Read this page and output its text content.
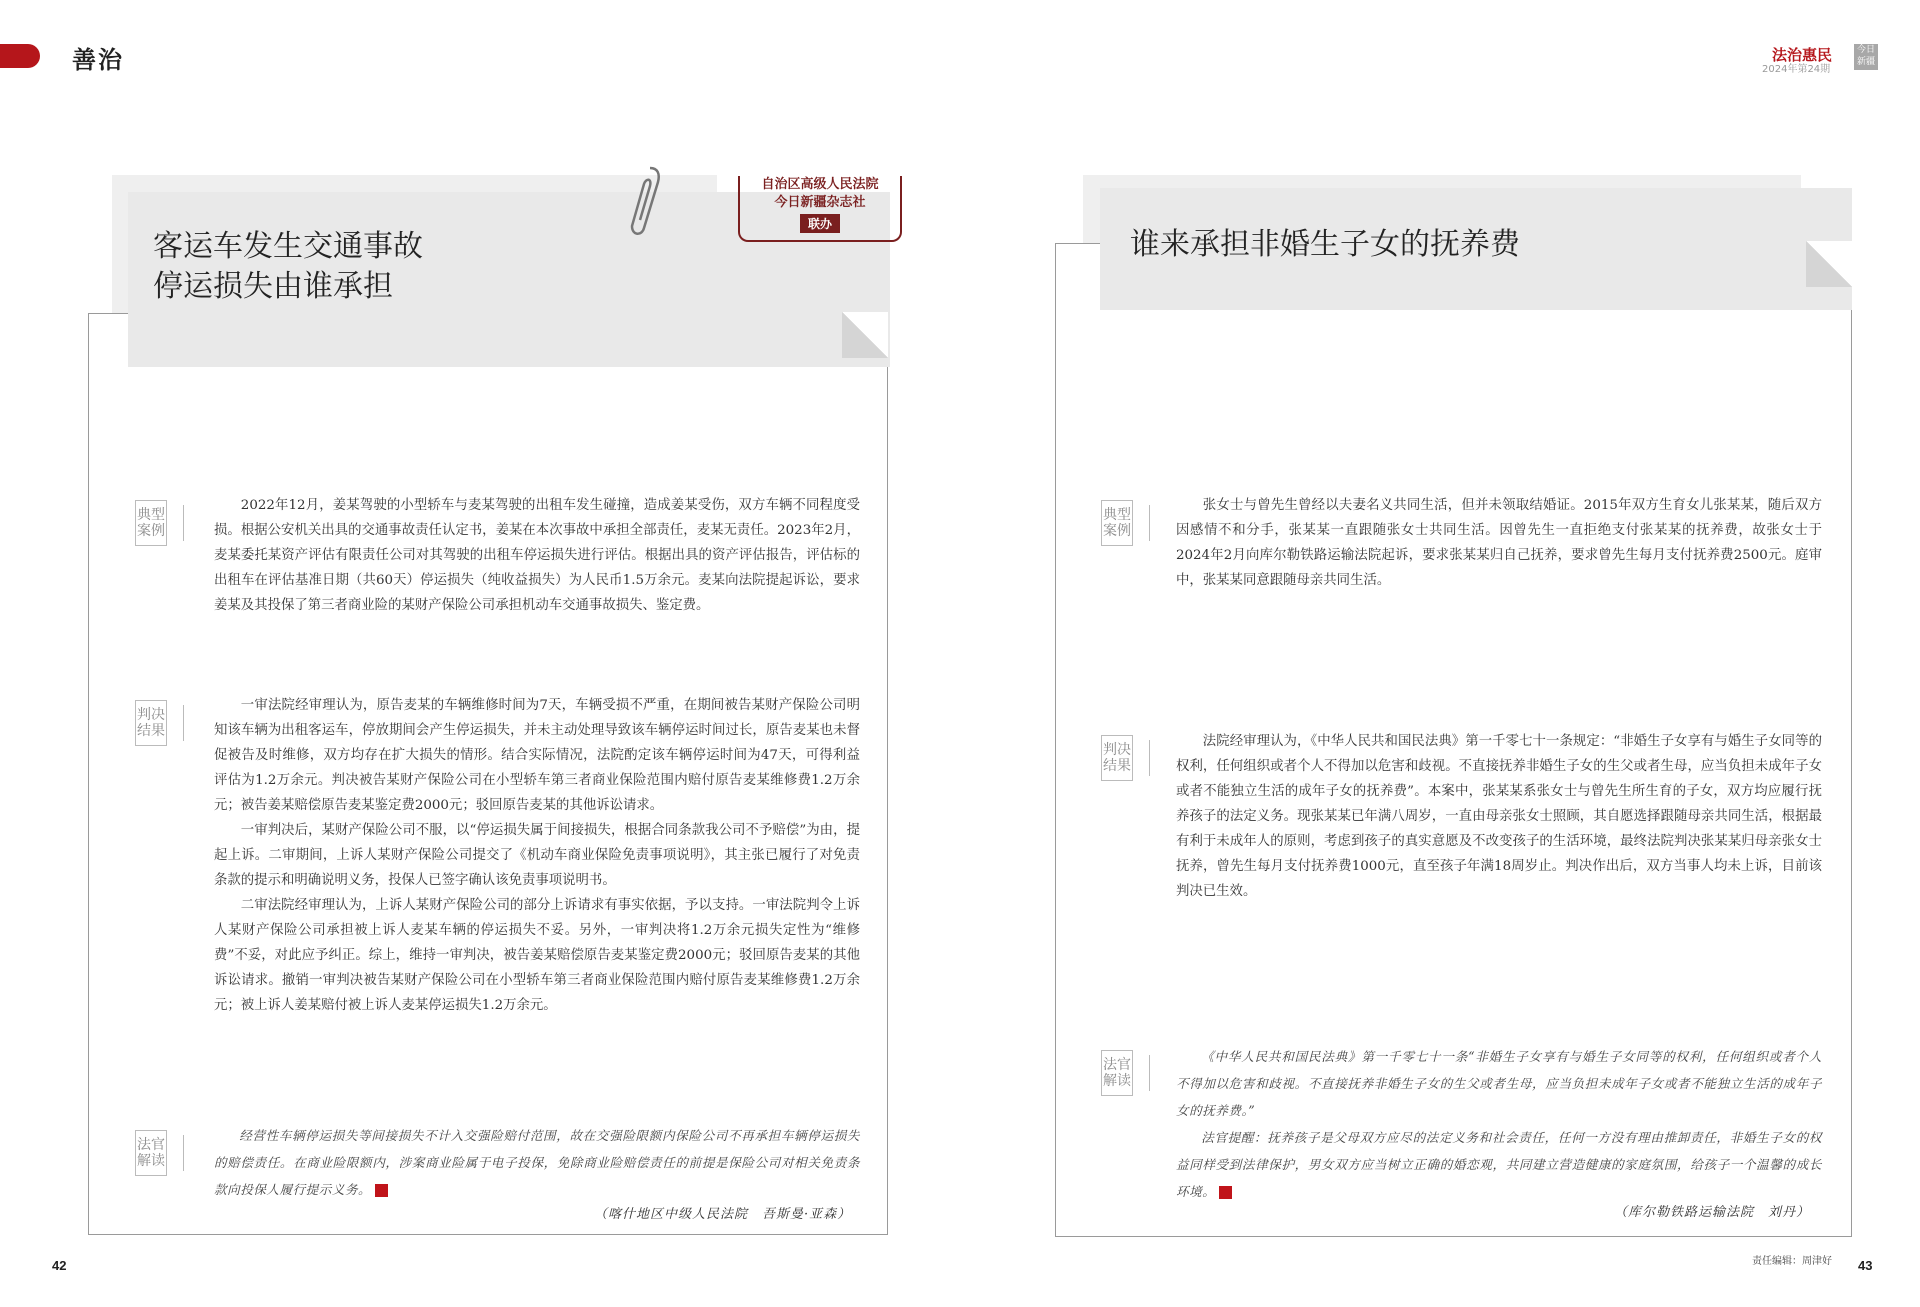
善治	法治惠民
2024年第24期
今日新疆
客运车发生交通事故
停运损失由谁承担
自治区高级人民法院
今日新疆杂志社
联办
典型案例
判决结果
法官解读

2022年12月，姜某驾驶的小型轿车与麦某驾驶的出租车发生碰撞，造成姜某受伤，双方车辆不同程度受损。根据公安机关出具的交通事故责任认定书，姜某在本次事故中承担全部责任，麦某无责任。2023年2月，麦某委托某资产评估有限责任公司对其驾驶的出租车停运损失进行评估。根据出具的资产评估报告，评估标的出租车在评估基准日期（共60天）停运损失（纯收益损失）为人民币1.5万余元。麦某向法院提起诉讼，要求姜某及其投保了第三者商业险的某财产保险公司承担机动车交通事故损失、鉴定费。

一审法院经审理认为，原告麦某的车辆维修时间为7天，车辆受损不严重，在期间被告某财产保险公司明知该车辆为出租客运车，停放期间会产生停运损失，并未主动处理导致该车辆停运时间过长，原告麦某也未督促被告及时维修，双方均存在扩大损失的情形。结合实际情况，法院酌定该车辆停运时间为47天，可得利益评估为1.2万余元。判决被告某财产保险公司在小型轿车第三者商业保险范围内赔付原告麦某维修费1.2万余元；被告姜某赔偿原告麦某鉴定费2000元；驳回原告麦某的其他诉讼请求。

一审判决后，某财产保险公司不服，以“停运损失属于间接损失，根据合同条款我公司不予赔偿”为由，提起上诉。二审期间，上诉人某财产保险公司提交了《机动车商业保险免责事项说明》，其主张已履行了对免责条款的提示和明确说明义务，投保人已签字确认该免责事项说明书。

二审法院经审理认为，上诉人某财产保险公司的部分上诉请求有事实依据，予以支持。一审法院判令上诉人某财产保险公司承担被上诉人麦某车辆的停运损失不妥。另外，一审判决将1.2万余元损失定性为“维修费”不妥，对此应予纠正。综上，维持一审判决，被告姜某赔偿原告麦某鉴定费2000元；驳回原告麦某的其他诉讼请求。撤销一审判决被告某财产保险公司在小型轿车第三者商业保险范围内赔付原告麦某维修费1.2万余元；被上诉人姜某赔付被上诉人麦某停运损失1.2万余元。

经营性车辆停运损失等间接损失不计入交强险赔付范围，故在交强险限额内保险公司不再承担车辆停运损失的赔偿责任。在商业险限额内，涉案商业险属于电子投保，免除商业险赔偿责任的前提是保险公司对相关免责条款向投保人履行提示义务。

（喀什地区中级人民法院　吾斯曼·亚森）
42
谁来承担非婚生子女的抚养费
典型案例
判决结果
法官解读

张女士与曾先生曾经以夫妻名义共同生活，但并未领取结婚证。2015年双方生育女儿张某某，随后双方因感情不和分手，张某某一直跟随张女士共同生活。因曾先生一直拒绝支付张某某的抚养费，故张女士于2024年2月向库尔勒铁路运输法院起诉，要求张某某归自己抚养，要求曾先生每月支付抚养费2500元。庭审中，张某某同意跟随母亲共同生活。

法院经审理认为，《中华人民共和国民法典》第一千零七十一条规定：“非婚生子女享有与婚生子女同等的权利，任何组织或者个人不得加以危害和歧视。不直接抚养非婚生子女的生父或者生母，应当负担未成年子女或者不能独立生活的成年子女的抚养费”。本案中，张某某系张女士与曾先生所生育的子女，双方均应履行抚养孩子的法定义务。现张某某已年满八周岁，一直由母亲张女士照顾，其自愿选择跟随母亲共同生活，根据最有利于未成年人的原则，考虑到孩子的真实意愿及不改变孩子的生活环境，最终法院判决张某某归母亲张女士抚养，曾先生每月支付抚养费1000元，直至孩子年满18周岁止。判决作出后，双方当事人均未上诉，目前该判决已生效。

《中华人民共和国民法典》第一千零七十一条“非婚生子女享有与婚生子女同等的权利，任何组织或者个人不得加以危害和歧视。不直接抚养非婚生子女的生父或者生母，应当负担未成年子女或者不能独立生活的成年子女的抚养费。”

法官提醒：抚养孩子是父母双方应尽的法定义务和社会责任，任何一方没有理由推卸责任，非婚生子女的权益同样受到法律保护，男女双方应当树立正确的婚恋观，共同建立营造健康的家庭氛围，给孩子一个温馨的成长环境。

（库尔勒铁路运输法院　刘丹）
责任编辑：周津好 43
